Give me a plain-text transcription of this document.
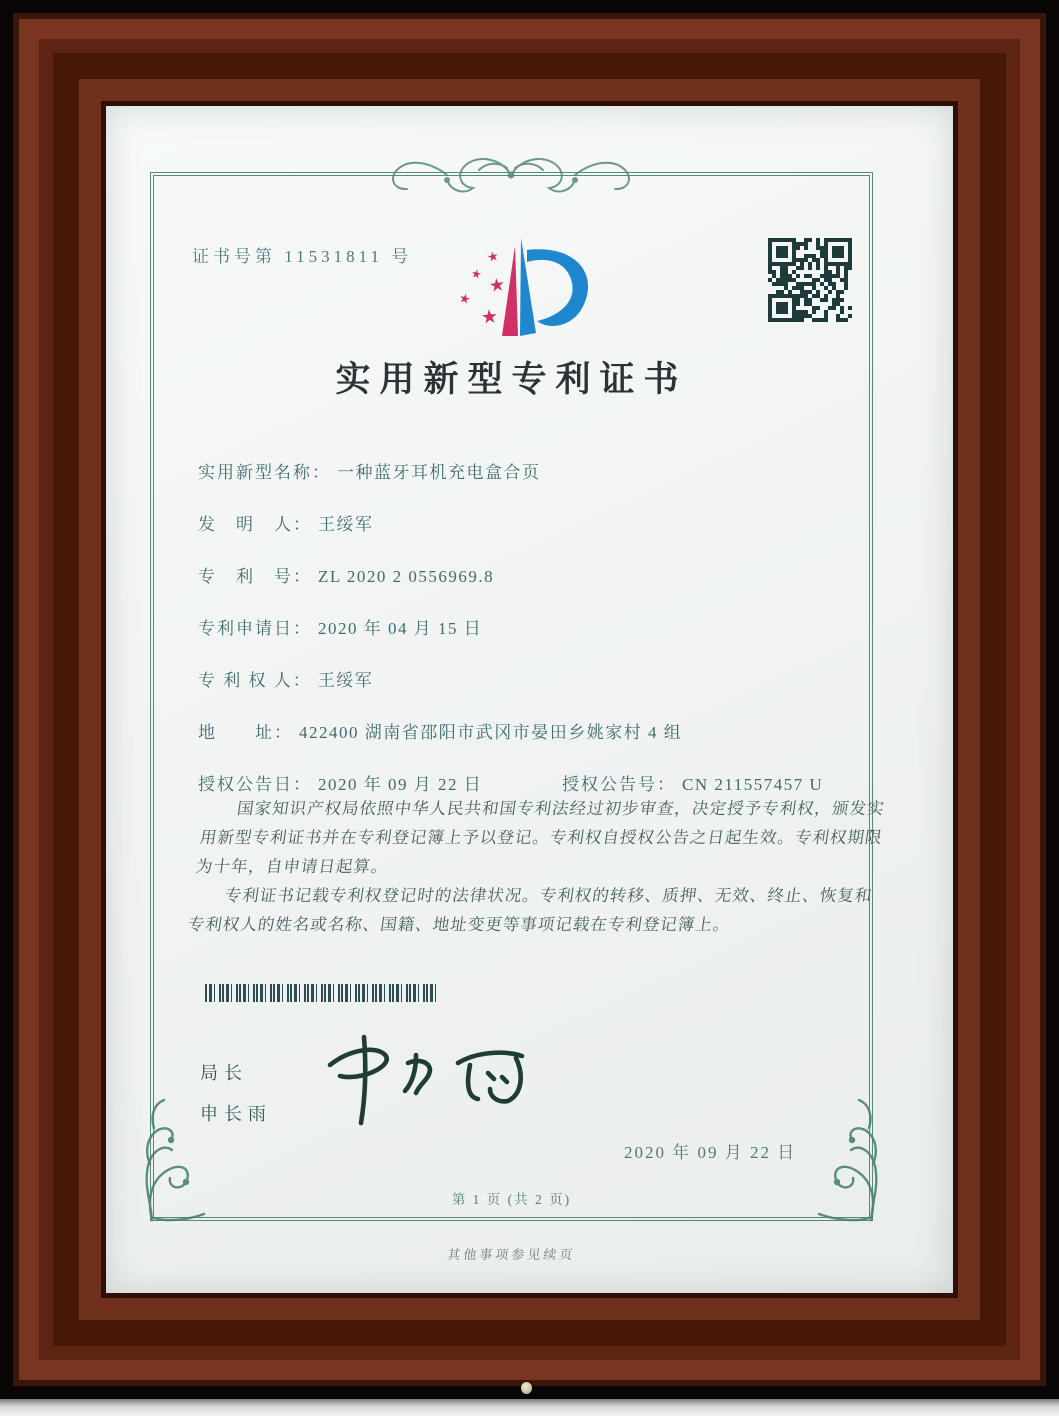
证书号第 11531811 号	★
★ ★
★
★
实用新型专利证书
实用新型名称： 一种蓝牙耳机充电盒合页
发　明　人： 王绥军
专　利　号： ZL 2020 2 0556969.8
专利申请日： 2020 年 04 月 15 日
专 利 权 人： 王绥军
地　　址： 422400 湖南省邵阳市武冈市晏田乡姚家村 4 组
授权公告日： 2020 年 09 月 22 日	授权公告号： CN 211557457 U

国家知识产权局依照中华人民共和国专利法经过初步审查，决定授予专利权，颁发实用新型专利证书并在专利登记簿上予以登记。专利权自授权公告之日起生效。专利权期限为十年，自申请日起算。

专利证书记载专利权登记时的法律状况。专利权的转移、质押、无效、终止、恢复和专利权人的姓名或名称、国籍、地址变更等事项记载在专利登记簿上。

局长
申长雨
2020 年 09 月 22 日
第 1 页 (共 2 页)
其他事项参见续页
